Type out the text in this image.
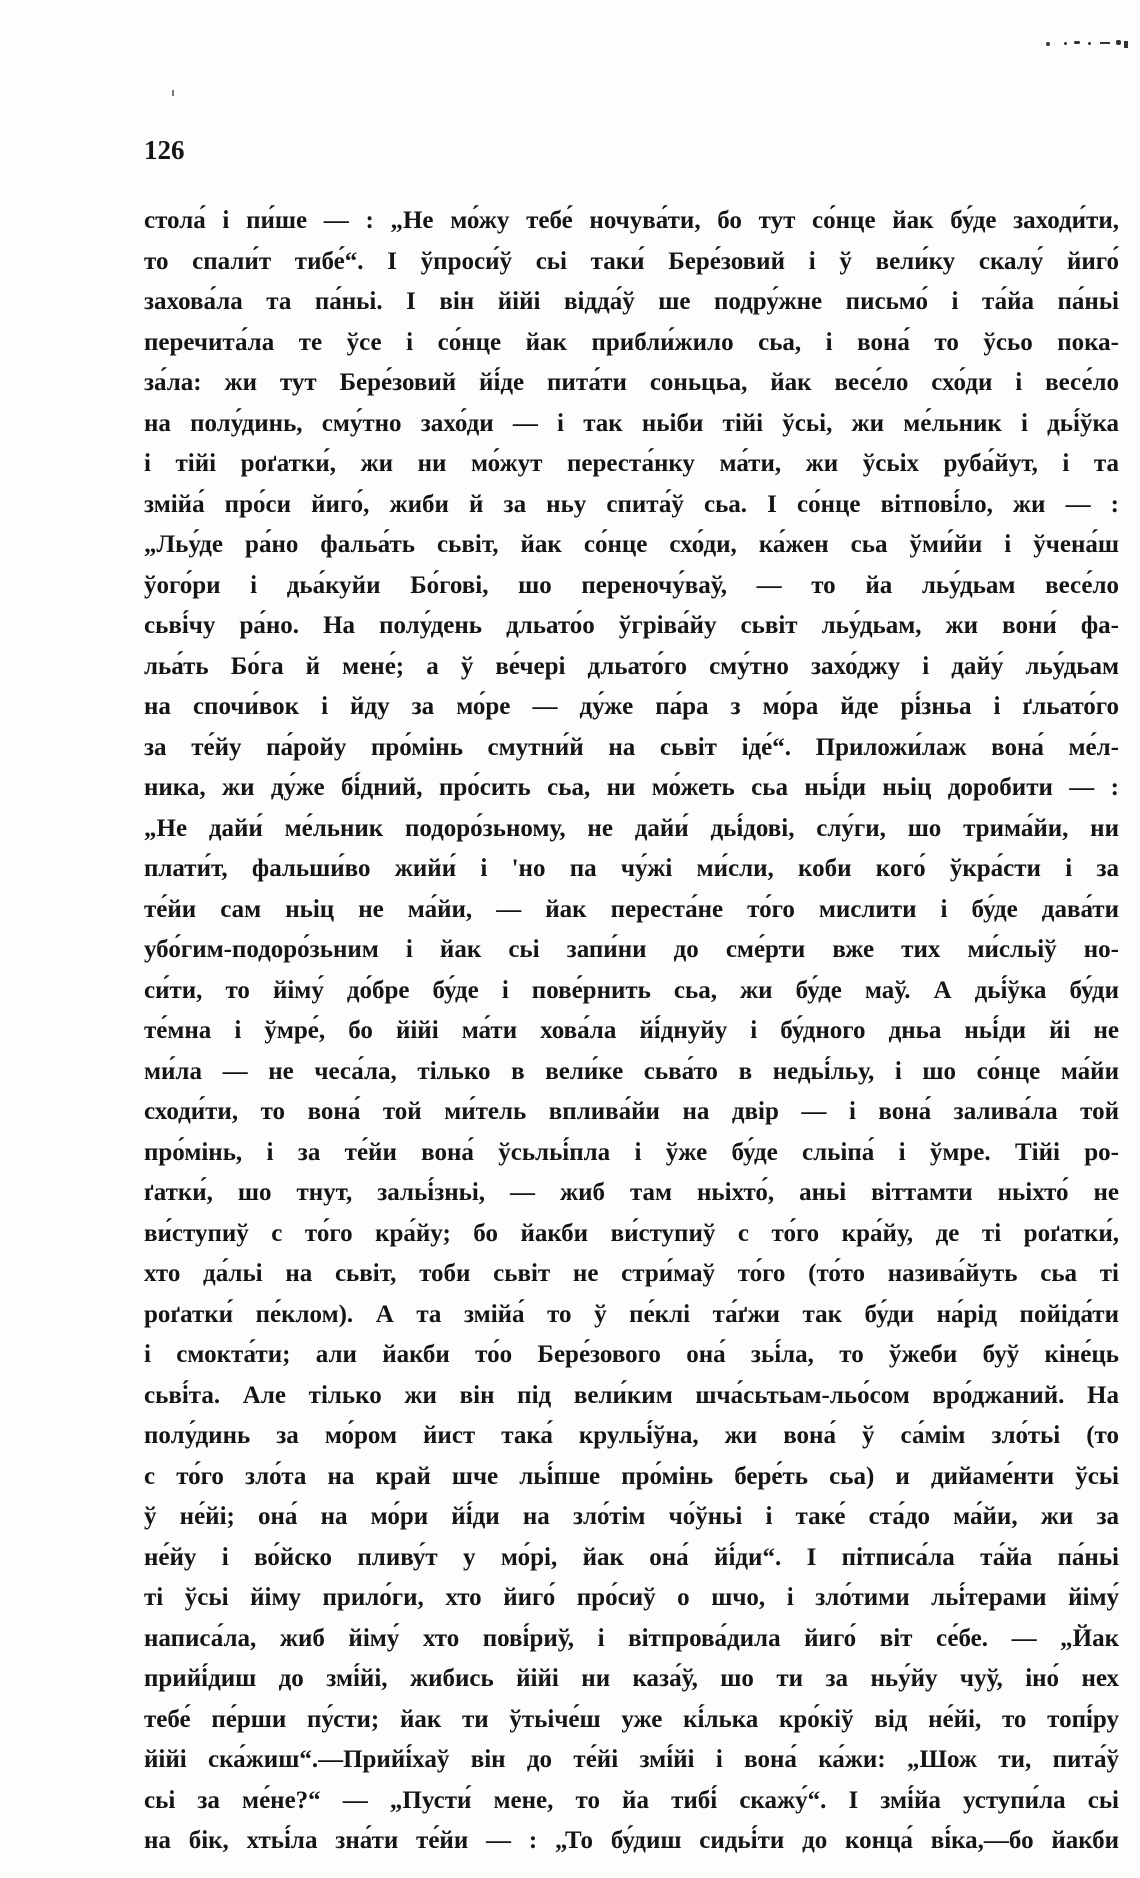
126
стола́ і пи́ше — : „Не мо́жу тебе́ ночува́ти, бо тут со́нце йак бу́де заходи́ти,
то спали́т тибе́“. І ўпроси́ў сьі таки́ Бере́зовий і ў вели́ку скалу́ йиго́
захова́ла та па́ньі. І він йійі відда́ў ше подру́жне письмо́ і та́йа па́ньі
перечита́ла те ўсе і со́нце йак прибли́жило сьа, і вона́ то ўсьо пока-
за́ла: жи тут Бере́зовий йі́де пита́ти соньцьа, йак весе́ло схо́ди і весе́ло
на полу́динь, сму́тно захо́ди — і так ньіби тійі ўсьі, жи ме́льник і дьі́ўка
і тійі роґатки́, жи ни мо́жут переста́нку ма́ти, жи ўсьіх руба́йут, і та
змійа́ про́си йиго́, жиби й за ньу спита́ў сьа. І со́нце вітпові́ло, жи — :
„Льу́де ра́но фальа́ть сьвіт, йак со́нце схо́ди, ка́жен сьа ўми́йи і ўчена́ш
ўого́ри і дьа́куйи Бо́гові, шо переночу́ваў, — то йа льу́дьам весе́ло
сьві́чу ра́но. На полу́день дльато́о ўгріва́йу сьвіт льу́дьам, жи вони́ фа-
льа́ть Бо́га й мене́; а ў ве́чері дльато́го сму́тно захо́джу і дайу́ льу́дьам
на спочи́вок і йду за мо́ре — ду́же па́ра з мо́ра йде рі́зньа і ґльато́го
за те́йу па́ройу про́мінь смутни́й на сьвіт іде́“. Приложи́лаж вона́ ме́л-
ника, жи ду́же бі́дний, про́сить сьа, ни мо́жеть сьа ньі́ди ньіц доробити — :
„Не дайи́ ме́льник подоро́зьному, не дайи́ дьі́дові, слу́ги, шо трима́йи, ни
плати́т, фальши́во жийи́ і 'но па чу́жі ми́сли, коби кого́ ўкра́сти і за
те́йи сам ньіц не ма́йи, — йак переста́не то́го мислити і бу́де дава́ти
убо́гим-подоро́зьним і йак сьі запи́ни до сме́рти вже тих ми́сльіў но-
си́ти, то йіму́ до́бре бу́де і пове́рнить сьа, жи бу́де маў. А дьі́ўка бу́ди
те́мна і ўмре́, бо йійі ма́ти хова́ла йі́днуйу і бу́дного дньа ньі́ди йі не
ми́ла — не чеса́ла, тілько в вели́ке сьва́то в недьі́льу, і шо со́нце ма́йи
сходи́ти, то вона́ той ми́тель вплива́йи на двір — і вона́ залива́ла той
про́мінь, і за те́йи вона́ ўсьльі́пла і ўже бу́де сльіпа́ і ўмре. Тійі ро-
ґатки́, шо тнут, зальі́зньі, — жиб там ньіхто́, аньі віттамти ньіхто́ не
ви́ступиў с то́го кра́йу; бо йакби ви́ступиў с то́го кра́йу, де ті роґатки́,
хто да́льі на сьвіт, тоби сьвіт не стри́маў то́го (то́то назива́йуть сьа ті
роґатки́ пе́клом). А та змійа́ то ў пе́клі та́ґжи так бу́ди на́рід пойіда́ти
і смокта́ти; али йакби то́о Бере́зового она́ зьі́ла, то ўжеби буў кіне́ць
сьві́та. Але тілько жи він під вели́ким шча́сьтьам-льо́сом вро́джаний. На
полу́динь за мо́ром йист така́ крульі́ўна, жи вона́ ў са́мім зло́тьі (то
с то́го зло́та на край шче льі́пше про́мінь бере́ть сьа) и дийаме́нти ўсьі
ў не́йі; она́ на мо́ри йі́ди на зло́тім чо́ўньі і таке́ ста́до ма́йи, жи за
не́йу і во́йско пливу́т у мо́рі, йак она́ йі́ди“. І пітписа́ла та́йа па́ньі
ті ўсьі йіму прило́ги, хто йиго́ про́сиў о шчо, і зло́тими льі́терами йіму́
написа́ла, жиб йіму́ хто пові́риў, і вітпрова́дила йиго́ віт се́бе. — „Йак
прийі́диш до змі́йі, жибись йійі ни каза́ў, шо ти за ньу́йу чуў, іно́ нех
тебе́ пе́рши пу́сти; йак ти ўтьіче́ш уже кі́лька кро́кіў від не́йі, то топі́ру
йійі ска́жиш“.—Прийі́хаў він до те́йі змі́йі і вона́ ка́жи: „Шож ти, пита́ў
сьі за ме́не?“ — „Пусти́ мене, то йа тибі́ скажу́“. І змі́йа уступи́ла сьі
на бік, хтьі́ла зна́ти те́йи — : „То бу́диш сидьі́ти до конца́ ві́ка,—бо йакби
